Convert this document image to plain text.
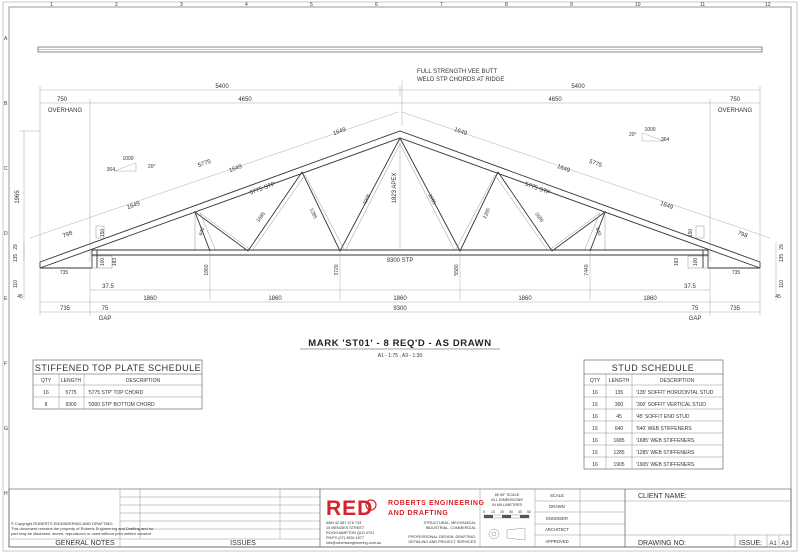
1	2	3	4	5	6	7	8	9	10	11	12
A
B
C
D
E
F
G
H
FULL STRENGTH VEE BUTT
WELD STP CHORDS AT RIDGE
5400	5400
4650	4650
750	750
OVERHANG	OVERHANG
1649
1649
1649	1649
1649
1649
5775	5775
5775 STP	5775 STP
798	798
1823 APEX
640
1685	1285
1905	1905
1285	1685
640
9300 STP
1000
364	20°
1000
364
20°
1965
29
135
110
45
29
135
110
45
150	150
100 183	183	100
735	735
1860	3720	5580	7440
37.5	37.5
1860	1860	1860	1860	1860
735	735
75	75
9300
GAP	GAP
MARK 'ST01' - 8 REQ'D - AS DRAWN
A1 - 1:75 , A3 - 1:30
STIFFENED TOP PLATE SCHEDULE
QTY LENGTH	DESCRIPTION
16	5775 '5775 STP' TOP CHORD
8	9300 '9300 STP' BOTTOM CHORD
STUD SCHEDULE
QTY LENGTH	DESCRIPTION
16	135	'135' SOFFIT HORIZONTAL STUD
16	300	'300' SOFFIT VERTICAL STUD
16	45	'45' SOFFIT END STUD
16	640	'640' WEB STIFFENERS
16	1685 '1685' WEB STIFFENERS
16	1285 '1285' WEB STIFFENERS
16	1905 '1905' WEB STIFFENERS
© Copyright ROBERTS ENGINEERING AND DRAFTING
This document remains the property of Roberts Engineering and Drafting and no
part may be disclosed, stored, reproduced or used without prior written consent
GENERAL NOTES	ISSUES
RED ROBERTS ENGINEERING
AND DRAFTING
ABN 42 687 476 733
15 MENZIES STREET
ROCKHAMPTON QLD 4701
PH/FX (07) 4926 1877
info@robertsengineering.com.au
STRUCTURAL, MECHANICAL
INDUSTRIAL, COMMERCIAL
PROFESSIONAL DESIGN, DRAFTING,
DETAILING AND PROJECT SERVICES
80 90° SCALE
ALL DIMENSIONS
IN MILLIMETRES
0 10 20 30 40 50
SCALE
DRAWN
ENGINEER
ARCHITECT
APPROVED
CLIENT NAME:
DRAWING NO:	ISSUE: A1 A3
